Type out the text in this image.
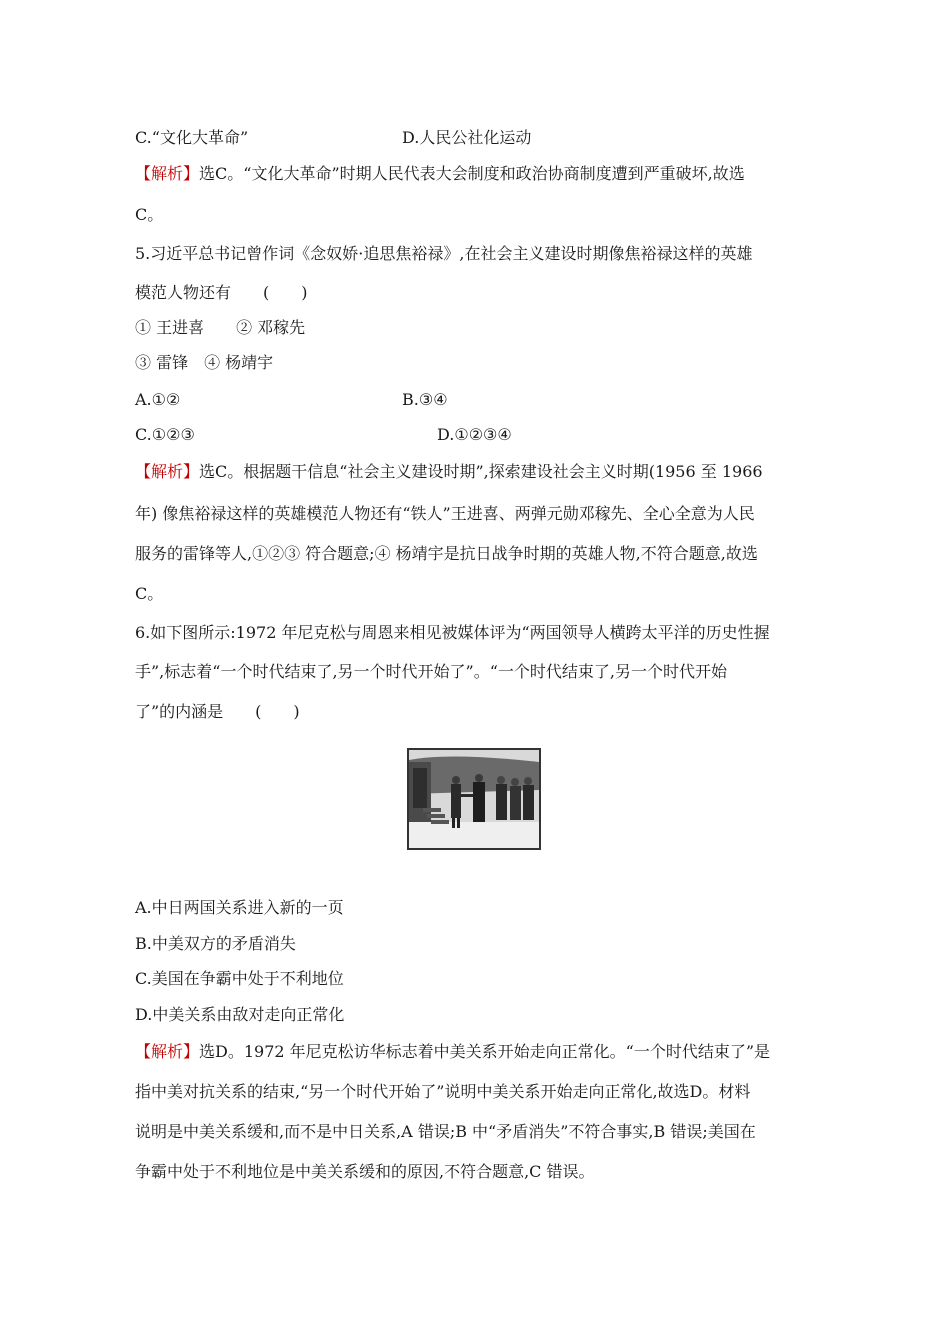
C.“文化大革命”	D.人民公社化运动
【解析】选C。“文化大革命”时期人民代表大会制度和政治协商制度遭到严重破坏,故选
C。
5.习近平总书记曾作词《念奴娇·追思焦裕禄》,在社会主义建设时期像焦裕禄这样的英雄
模范人物还有　　(　　)
① 王进喜　　② 邓稼先
③ 雷锋　④ 杨靖宇
A.①②	B.③④
C.①②③	D.①②③④
【解析】选C。根据题干信息“社会主义建设时期”,探索建设社会主义时期(1956 至 1966
年) 像焦裕禄这样的英雄模范人物还有“铁人”王进喜、两弹元勋邓稼先、全心全意为人民
服务的雷锋等人,①②③ 符合题意;④ 杨靖宇是抗日战争时期的英雄人物,不符合题意,故选
C。
6.如下图所示:1972 年尼克松与周恩来相见被媒体评为“两国领导人横跨太平洋的历史性握
手”,标志着“一个时代结束了,另一个时代开始了”。“一个时代结束了,另一个时代开始
了”的内涵是　　(　　)
A.中日两国关系进入新的一页
B.中美双方的矛盾消失
C.美国在争霸中处于不利地位
D.中美关系由敌对走向正常化
【解析】选D。1972 年尼克松访华标志着中美关系开始走向正常化。“一个时代结束了”是
指中美对抗关系的结束,“另一个时代开始了”说明中美关系开始走向正常化,故选D。材料
说明是中美关系缓和,而不是中日关系,A 错误;B 中“矛盾消失”不符合事实,B 错误;美国在
争霸中处于不利地位是中美关系缓和的原因,不符合题意,C 错误。
